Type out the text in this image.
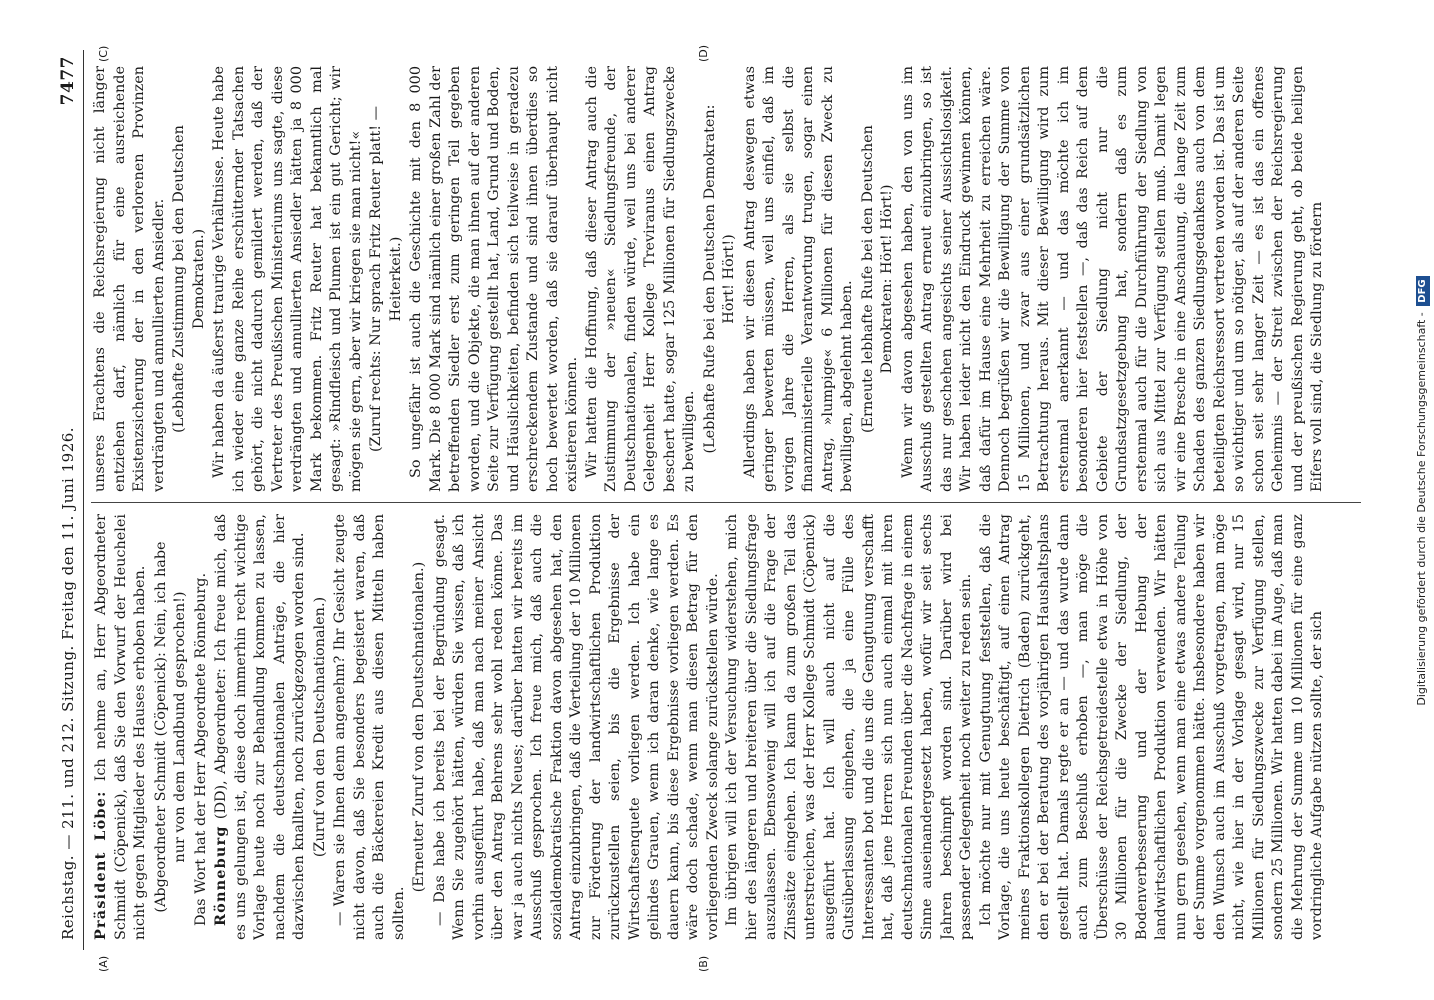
Reichstag. — 211. und 212. Sitzung. Freitag den 11. Juni 1926.
7477

Präsident Löbe: Ich nehme an, Herr Abgeordneter Schmidt (Cöpenick), daß Sie den Vorwurf der Heuchelei nicht gegen Mitglieder des Hauses erhoben haben. (Abgeordneter Schmidt (Cöpenick): Nein, ich habe nur von dem Landbund gesprochen!) Das Wort hat der Herr Abgeordnete Rönneburg. Rönneburg (DD), Abgeordneter: Ich freue mich, daß es uns gelungen ist, diese doch immerhin recht wichtige Vorlage heute noch zur Behandlung kommen zu lassen, nachdem die deutschnationalen Anträge, die hier dazwischen knallten, noch zurückgezogen worden sind. (Zuruf von den Deutschnationalen.) — Waren sie Ihnen denn angenehm? Ihr Gesicht zeugte nicht davon, daß Sie besonders begeistert waren, daß auch die Bäckereien Kredit aus diesen Mitteln haben sollten.

(Erneuter Zuruf von den Deutschnationalen.) — Das habe ich bereits bei der Begründung gesagt. Wenn Sie zugehört hätten, würden Sie wissen, daß ich vorhin ausgeführt habe, daß man nach meiner Ansicht über den Antrag Behrens sehr wohl reden könne. Das war ja auch nichts Neues; darüber hatten wir bereits im Ausschuß gesprochen. Ich freue mich, daß auch die sozialdemokratische Fraktion davon abgesehen hat, den Antrag einzubringen, daß die Verteilung der 10 Millionen zur Förderung der landwirtschaftlichen Produktion zurückzustellen seien, bis die Ergebnisse der Wirtschaftsenquete vorliegen werden. Ich habe ein gelindes Grauen, wenn ich daran denke, wie lange es dauern kann, bis diese Ergebnisse vorliegen werden. Es wäre doch schade, wenn man diesen Betrag für den vorliegenden Zweck solange zurückstellen würde. Im übrigen will ich der Versuchung widerstehen, mich hier des längeren und breiteren über die Siedlungsfrage auszulassen. Ebensowenig will ich auf die Frage der Zinssätze eingehen. Ich kann da zum großen Teil das unterstreichen, was der Herr Kollege Schmidt (Cöpenick) ausgeführt hat. Ich will auch nicht auf die Gutsüberlassung eingehen, die ja eine Fülle des Interessanten bot und die uns die Genugtuung verschafft hat, daß jene Herren sich nun auch einmal mit ihren deutschnationalen Freunden über die Nachfrage in einem Sinne auseinandergesetzt haben, wofür wir seit sechs Jahren beschimpft worden sind. Darüber wird bei passender Gelegenheit noch weiter zu reden sein. Ich möchte nur mit Genugtuung feststellen, daß die Vorlage, die uns heute beschäftigt, auf einen Antrag meines Fraktionskollegen Dietrich (Baden) zurückgeht, den er bei der Beratung des vorjährigen Haushaltsplans gestellt hat. Damals regte er an — und das wurde dann auch zum Beschluß erhoben —, man möge die Überschüsse der Reichsgetreidestelle etwa in Höhe von 30 Millionen für die Zwecke der Siedlung, der Bodenverbesserung und der Hebung der landwirtschaftlichen Produktion verwenden. Wir hätten nun gern gesehen, wenn man eine etwas andere Teilung der Summe vorgenommen hätte. Insbesondere haben wir den Wunsch auch im Ausschuß vorgetragen, man möge nicht, wie hier in der Vorlage gesagt wird, nur 15 Millionen für Siedlungszwecke zur Verfügung stellen, sondern 25 Millionen. Wir hatten dabei im Auge, daß man die Mehrung der Summe um 10 Millionen für eine ganz vordringliche Aufgabe nützen sollte, der sich

unseres Erachtens die Reichsregierung nicht länger entziehen darf, nämlich für eine ausreichende Existenzsicherung der in den verlorenen Provinzen verdrängten und annullierten Ansiedler. (Lebhafte Zustimmung bei den Deutschen Demokraten.) Wir haben da äußerst traurige Verhältnisse. Heute habe ich wieder eine ganze Reihe erschütternder Tatsachen gehört, die nicht dadurch gemildert werden, daß der Vertreter des Preußischen Ministeriums uns sagte, diese verdrängten und annullierten Ansiedler hätten ja 8 000 Mark bekommen. Fritz Reuter hat bekanntlich mal gesagt: »Rindfleisch und Plumen ist ein gut Gericht; wir mögen sie gern, aber wir kriegen sie man nicht!« (Zuruf rechts: Nur sprach Fritz Reuter platt! — Heiterkeit.) So ungefähr ist auch die Geschichte mit den 8 000 Mark. Die 8 000 Mark sind nämlich einer großen Zahl der betreffenden Siedler erst zum geringen Teil gegeben worden, und die Objekte, die man ihnen auf der anderen Seite zur Verfügung gestellt hat, Land, Grund und Boden, und Häuslichkeiten, befinden sich teilweise in geradezu erschreckendem Zustande und sind ihnen überdies so hoch bewertet worden, daß sie darauf überhaupt nicht existieren können. Wir hatten die Hoffnung, daß dieser Antrag auch die Zustimmung der »neuen« Siedlungsfreunde, der Deutschnationalen, finden würde, weil uns bei anderer Gelegenheit Herr Kollege Treviranus einen Antrag beschert hatte, sogar 125 Millionen für Siedlungszwecke zu bewilligen. (Lebhafte Rufe bei den Deutschen Demokraten: Hört! Hört!) Allerdings haben wir diesen Antrag deswegen etwas geringer bewerten müssen, weil uns einfiel, daß im vorigen Jahre die Herren, als sie selbst die finanzministerielle Verantwortung trugen, sogar einen Antrag, »lumpige« 6 Millionen für diesen Zweck zu bewilligen, abgelehnt haben. (Erneute lebhafte Rufe bei den Deutschen Demokraten: Hört! Hört!) Wenn wir davon abgesehen haben, den von uns im Ausschuß gestellten Antrag erneut einzubringen, so ist das nur geschehen angesichts seiner Aussichtslosigkeit. Wir haben leider nicht den Eindruck gewinnen können, daß dafür im Hause eine Mehrheit zu erreichen wäre. Dennoch begrüßen wir die Bewilligung der Summe von 15 Millionen, und zwar aus einer grundsätzlichen Betrachtung heraus. Mit dieser Bewilligung wird zum erstenmal anerkannt — und das möchte ich im besonderen hier feststellen —, daß das Reich auf dem Gebiete der Siedlung nicht nur die Grundsatzgesetzgebung hat, sondern daß es zum erstenmal auch für die Durchführung der Siedlung von sich aus Mittel zur Verfügung stellen muß. Damit legen wir eine Bresche in eine Anschauung, die lange Zeit zum Schaden des ganzen Siedlungsgedankens auch von dem beteiligten Reichsressort vertreten worden ist. Das ist um so wichtiger und um so nötiger, als auf der anderen Seite schon seit sehr langer Zeit — es ist das ein offenes Geheimnis — der Streit zwischen der Reichsregierung und der preußischen Regierung geht, ob beide heiligen Eifers voll sind, die Siedlung zu fördern

(A)	(B)
(C)	(D)
Digitalisierung gefördert durch die Deutsche Forschungsgemeinschaft - DFG
